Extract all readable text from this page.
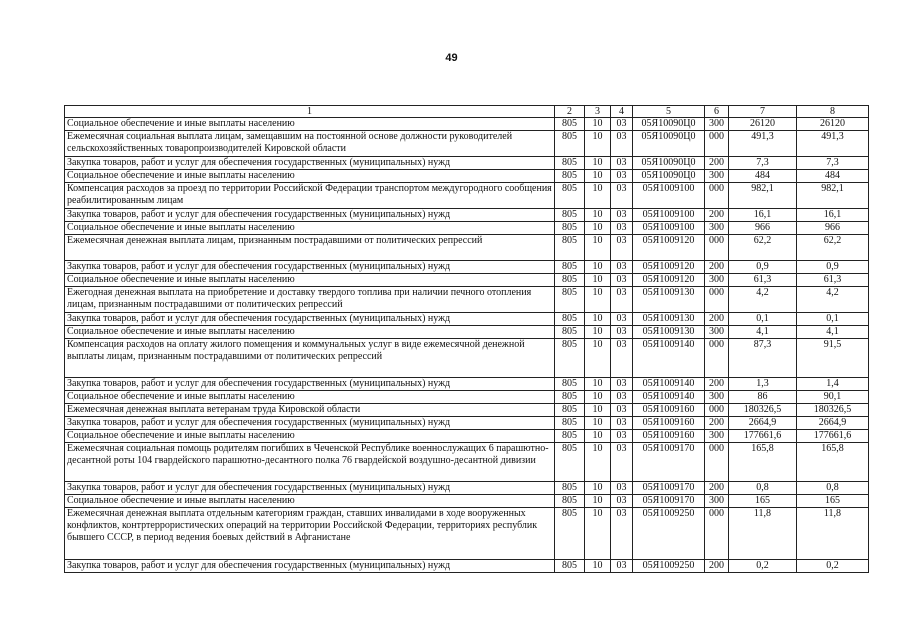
49
1	2	3	4	5	6	7	8
Социальное обеспечение и иные выплаты населению	805	10	03	05Я10090Ц0	300	26120	26120
Ежемесячная социальная выплата лицам, замещавшим на постоянной основе должности руководителей сельскохозяйственных товаропроизводителей Кировской области	805	10	03	05Я10090Ц0	000	491,3	491,3
Закупка товаров, работ и услуг для обеспечения государственных (муниципальных) нужд	805	10	03	05Я10090Ц0	200	7,3	7,3
Социальное обеспечение и иные выплаты населению	805	10	03	05Я10090Ц0	300	484	484
Компенсация расходов за проезд по территории Российской Федерации транспортом междугородного сообщения реабилитированным лицам	805	10	03	05Я1009100	000	982,1	982,1
Закупка товаров, работ и услуг для обеспечения государственных (муниципальных) нужд	805	10	03	05Я1009100	200	16,1	16,1
Социальное обеспечение и иные выплаты населению	805	10	03	05Я1009100	300	966	966
Ежемесячная денежная выплата лицам, признанным пострадавшими от политических репрессий	805	10	03	05Я1009120	000	62,2	62,2
Закупка товаров, работ и услуг для обеспечения государственных (муниципальных) нужд	805	10	03	05Я1009120	200	0,9	0,9
Социальное обеспечение и иные выплаты населению	805	10	03	05Я1009120	300	61,3	61,3
Ежегодная денежная выплата на приобретение и доставку твердого топлива при наличии печного отопления лицам, признанным пострадавшими от политических репрессий	805	10	03	05Я1009130	000	4,2	4,2
Закупка товаров, работ и услуг для обеспечения государственных (муниципальных) нужд	805	10	03	05Я1009130	200	0,1	0,1
Социальное обеспечение и иные выплаты населению	805	10	03	05Я1009130	300	4,1	4,1
Компенсация расходов на оплату жилого помещения и коммунальных услуг в виде ежемесячной денежной выплаты лицам, признанным пострадавшими от политических репрессий	805	10	03	05Я1009140	000	87,3	91,5
Закупка товаров, работ и услуг для обеспечения государственных (муниципальных) нужд	805	10	03	05Я1009140	200	1,3	1,4
Социальное обеспечение и иные выплаты населению	805	10	03	05Я1009140	300	86	90,1
Ежемесячная денежная выплата ветеранам труда Кировской области	805	10	03	05Я1009160	000	180326,5	180326,5
Закупка товаров, работ и услуг для обеспечения государственных (муниципальных) нужд	805	10	03	05Я1009160	200	2664,9	2664,9
Социальное обеспечение и иные выплаты населению	805	10	03	05Я1009160	300	177661,6	177661,6
Ежемесячная социальная помощь родителям погибших в Чеченской Республике военнослужащих 6 парашютно-десантной роты 104 гвардейского парашютно-десантного полка 76 гвардейской воздушно-десантной дивизии	805	10	03	05Я1009170	000	165,8	165,8
Закупка товаров, работ и услуг для обеспечения государственных (муниципальных) нужд	805	10	03	05Я1009170	200	0,8	0,8
Социальное обеспечение и иные выплаты населению	805	10	03	05Я1009170	300	165	165
Ежемесячная денежная выплата отдельным категориям граждан, ставших инвалидами в ходе вооруженных конфликтов, контртеррористических операций на территории Российской Федерации, территориях республик бывшего СССР, в период ведения боевых действий в Афганистане	805	10	03	05Я1009250	000	11,8	11,8
Закупка товаров, работ и услуг для обеспечения государственных (муниципальных) нужд	805	10	03	05Я1009250	200	0,2	0,2
